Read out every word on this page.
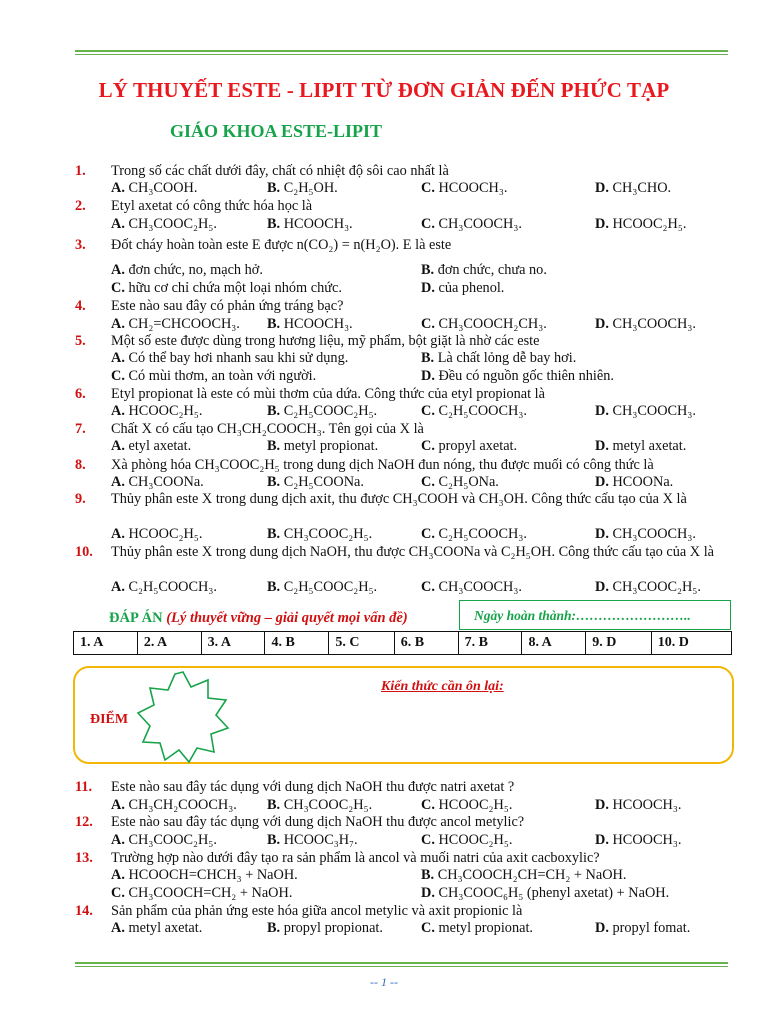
LÝ THUYẾT ESTE - LIPIT TỪ ĐƠN GIẢN ĐẾN PHỨC TẠP
GIÁO KHOA ESTE-LIPIT
1.	Trong số các chất dưới đây, chất có nhiệt độ sôi cao nhất là
A. CH₃COOH.	B. C₂H₅OH.	C. HCOOCH₃.	D. CH₃CHO.
2.	Etyl axetat có công thức hóa học là
A. CH₃COOC₂H₅.	B. HCOOCH₃.	C. CH₃COOCH₃.	D. HCOOC₂H₅.
3.	Đốt cháy hoàn toàn este E được n(CO₂) = n(H₂O). E là este
A. đơn chức, no, mạch hở.	B. đơn chức, chưa no.
C. hữu cơ chỉ chứa một loại nhóm chức.	D. của phenol.
4.	Este nào sau đây có phản ứng tráng bạc?
A. CH₂=CHCOOCH₃. B. HCOOCH₃.	C. CH₃COOCH₂CH₃.	D. CH₃COOCH₃.
5.	Một số este được dùng trong hương liệu, mỹ phẩm, bột giặt là nhờ các este
A. Có thể bay hơi nhanh sau khi sử dụng.	B. Là chất lỏng dễ bay hơi.
C. Có mùi thơm, an toàn với người.	D. Đều có nguồn gốc thiên nhiên.
6.	Etyl propionat là este có mùi thơm của dứa. Công thức của etyl propionat là
A. HCOOC₂H₅.	B. C₂H₅COOC₂H₅.	C. C₂H₅COOCH₃.	D. CH₃COOCH₃.
7.	Chất X có cấu tạo CH₃CH₂COOCH₃. Tên gọi của X là
A. etyl axetat.	B. metyl propionat.	C. propyl axetat.	D. metyl axetat.
8.	Xà phòng hóa CH₃COOC₂H₅ trong dung dịch NaOH đun nóng, thu được muối có công thức là
A. CH₃COONa.	B. C₂H₅COONa.	C. C₂H₅ONa.	D. HCOONa.
9.	Thủy phân este X trong dung dịch axit, thu được CH₃COOH và CH₃OH. Công thức cấu tạo của X là
A. HCOOC₂H₅.	B. CH₃COOC₂H₅.	C. C₂H₅COOCH₃.	D. CH₃COOCH₃.
10.	Thủy phân este X trong dung dịch NaOH, thu được CH₃COONa và C₂H₅OH. Công thức cấu tạo của X là
A. C₂H₅COOCH₃.	B. C₂H₅COOC₂H₅.	C. CH₃COOCH₃.	D. CH₃COOC₂H₅.
ĐÁP ÁN (Lý thuyết vững – giải quyết mọi vấn đề)	Ngày hoàn thành:……………………..
1. A	2. A	3. A	4. B	5. C	6. B	7. B	8. A	9. D	10. D
ĐIỂM
Kiến thức cần ôn lại:
11.	Este nào sau đây tác dụng với dung dịch NaOH thu được natri axetat ?
A. CH₃CH₂COOCH₃. B. CH₃COOC₂H₅.	C. HCOOC₂H₅.	D. HCOOCH₃.
12.	Este nào sau đây tác dụng với dung dịch NaOH thu được ancol metylic?
A. CH₃COOC₂H₅.	B. HCOOC₃H₇.	C. HCOOC₂H₅.	D. HCOOCH₃.
13.	Trường hợp nào dưới đây tạo ra sản phẩm là ancol và muối natri của axit cacboxylic?
A. HCOOCH=CHCH₃ + NaOH.	B. CH₃COOCH₂CH=CH₂ + NaOH.
C. CH₃COOCH=CH₂ + NaOH.	D. CH₃COOC₆H₅ (phenyl axetat) + NaOH.
14.	Sản phẩm của phản ứng este hóa giữa ancol metylic và axit propionic là
A. metyl axetat.	B. propyl propionat.	C. metyl propionat.	D. propyl fomat.
-- 1 --
